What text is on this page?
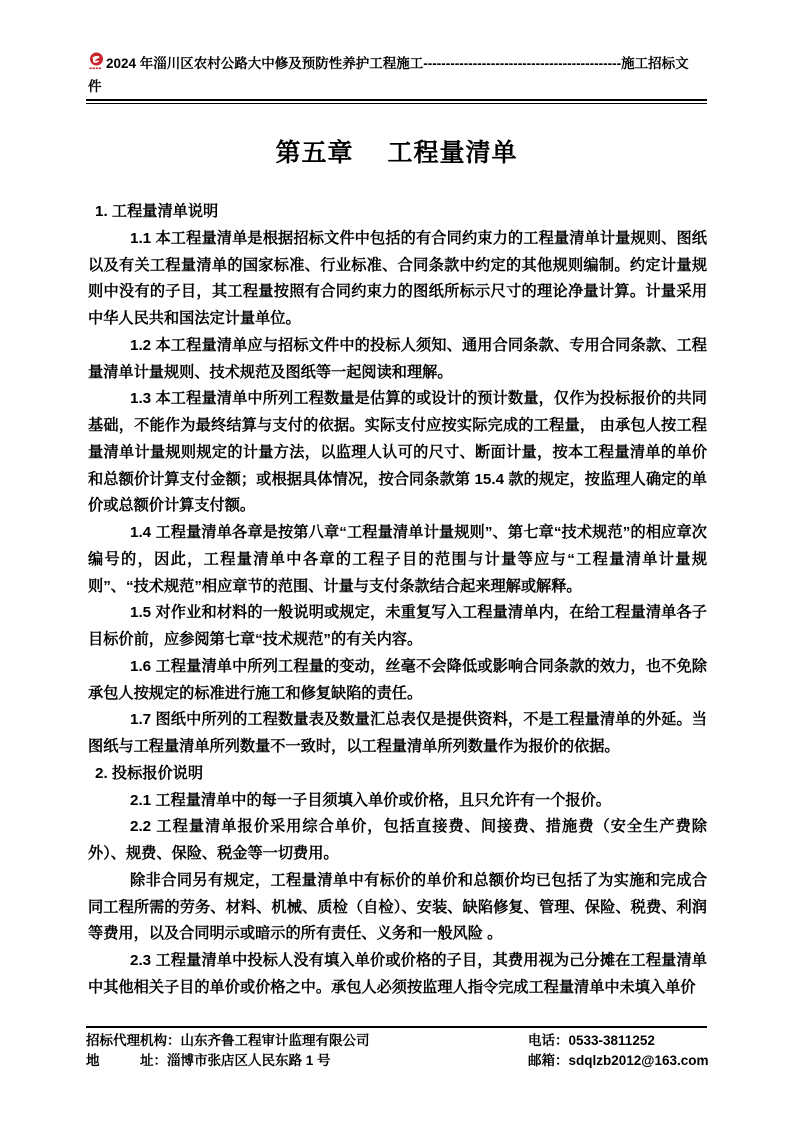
2024 年淄川区农村公路大中修及预防性养护工程施工--------------------------------------------施工招标文
件
第五章　 工程量清单

1. 工程量清单说明

1.1 本工程量清单是根据招标文件中包括的有合同约束力的工程量清单计量规则、图纸以及有关工程量清单的国家标准、行业标准、合同条款中约定的其他规则编制。约定计量规则中没有的子目，其工程量按照有合同约束力的图纸所标示尺寸的理论净量计算。计量采用中华人民共和国法定计量单位。

1.2 本工程量清单应与招标文件中的投标人须知、通用合同条款、专用合同条款、工程量清单计量规则、技术规范及图纸等一起阅读和理解。

1.3 本工程量清单中所列工程数量是估算的或设计的预计数量，仅作为投标报价的共同基础，不能作为最终结算与支付的依据。实际支付应按实际完成的工程量， 由承包人按工程量清单计量规则规定的计量方法，以监理人认可的尺寸、断面计量，按本工程量清单的单价和总额价计算支付金额；或根据具体情况，按合同条款第 15.4 款的规定，按监理人确定的单价或总额价计算支付额。

1.4 工程量清单各章是按第八章“工程量清单计量规则”、第七章“技术规范”的相应章次编号的，因此，工程量清单中各章的工程子目的范围与计量等应与“工程量清单计量规则”、“技术规范”相应章节的范围、计量与支付条款结合起来理解或解释。

1.5 对作业和材料的一般说明或规定，未重复写入工程量清单内，在给工程量清单各子目标价前，应参阅第七章“技术规范”的有关内容。

1.6 工程量清单中所列工程量的变动，丝毫不会降低或影响合同条款的效力，也不免除承包人按规定的标准进行施工和修复缺陷的责任。

1.7 图纸中所列的工程数量表及数量汇总表仅是提供资料，不是工程量清单的外延。当图纸与工程量清单所列数量不一致时，以工程量清单所列数量作为报价的依据。

2. 投标报价说明

2.1 工程量清单中的每一子目须填入单价或价格，且只允许有一个报价。

2.2 工程量清单报价采用综合单价，包括直接费、间接费、措施费（安全生产费除外）、规费、保险、税金等一切费用。

除非合同另有规定，工程量清单中有标价的单价和总额价均已包括了为实施和完成合同工程所需的劳务、材料、机械、质检（自检）、安装、缺陷修复、管理、保险、税费、利润等费用，以及合同明示或暗示的所有责任、义务和一般风险 。

2.3 工程量清单中投标人没有填入单价或价格的子目，其费用视为己分摊在工程量清单中其他相关子目的单价或价格之中。承包人必须按监理人指令完成工程量清单中未填入单价

招标代理机构：山东齐鲁工程审计监理有限公司	电话：0533-3811252
地　　　址：淄博市张店区人民东路 1 号	邮箱：sdqlzb2012@163.com
